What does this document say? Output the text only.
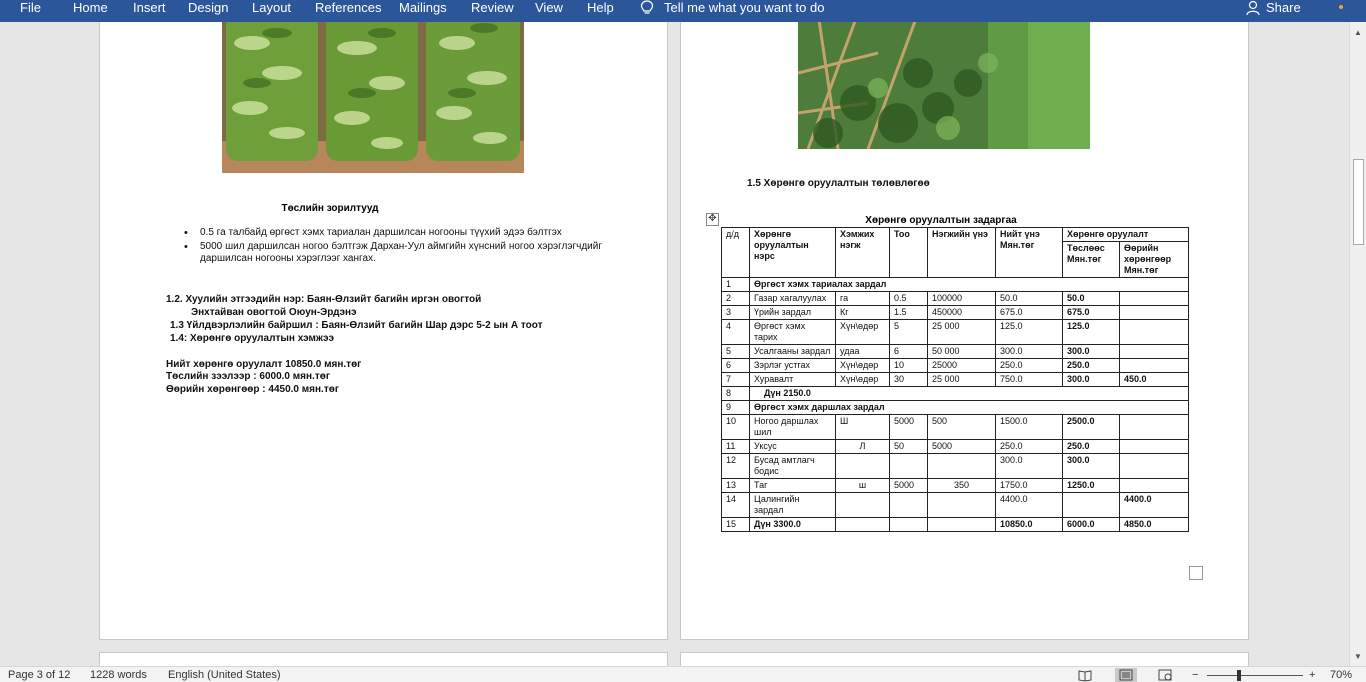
File Home Insert Design Layout References Mailings Review View Help	Tell me what you want to do	Share
Төслийн зорилтууд
• 0.5 га талбайд өргөст хэмх тариалан даршилсан ногооны түүхий эдээ бэлтгэх
• 5000 шил даршилсан ногоо бэлтгэж Дархан-Уул аймгийн хүнсний ногоо хэрэглэгчдийг даршилсан ногооны хэрэглээг хангах.
1.2. Хуулийн этгээдийн нэр: Баян-Өлзийт багийн иргэн овогтой
Энхтайван овогтой Оюун-Эрдэнэ
1.3 Үйлдвэрлэлийн байршил : Баян-Өлзийт багийн Шар дэрс 5-2 ын А тоот
1.4: Хөрөнгө оруулалтын хэмжээ
Нийт хөрөнгө оруулалт 10850.0 мян.төг
Төслийн зээлээр : 6000.0 мян.төг
Өөрийн хөрөнгөөр : 4450.0 мян.төг
1.5 Хөрөнгө оруулалтын төлөвлөгөө
Хөрөнгө оруулалтын задаргаа
✥
д/д	Хөрөнгө оруулалтын нэрс	Хэмжих нэгж	Тоо	Нэгжийн үнэ	Нийт үнэ Мян.төг	Хөрөнгө оруулалт	
						Төслөөс Мян.төг	Өөрийн хөрөнгөөр Мян.төг
1	Өргөст хэмх тариалах зардал						
2	Газар хагалуулах	га	0.5	100000	50.0	50.0	
3	Үрийн зардал	Кг	1.5	450000	675.0	675.0	
4	Өргөст хэмх тарих	Хүн\өдөр	5	25 000	125.0	125.0	
5	Усалгааны зардал	удаа	6	50 000	300.0	300.0	
6	Зэрлэг устгах	Хүн\өдөр	10	25000	250.0	250.0	
7	Хуравалт	Хүн\өдөр	30	25 000	750.0	300.0	450.0
8	Дүн 2150.0						
9	Өргөст хэмх даршлах зардал						
10	Ногоо даршлах шил	Ш	5000	500	1500.0	2500.0	
11	Уксус	Л	50	5000	250.0	250.0	
12	Бусад амтлагч бодис				300.0	300.0	
13	Таг	ш	5000	350	1750.0	1250.0	
14	Цалингийн зардал				4400.0		4400.0
15	Дүн 3300.0				10850.0	6000.0	4850.0
▲
▼
Page 3 of 12 1228 words English (United States)	−	+ 70%
